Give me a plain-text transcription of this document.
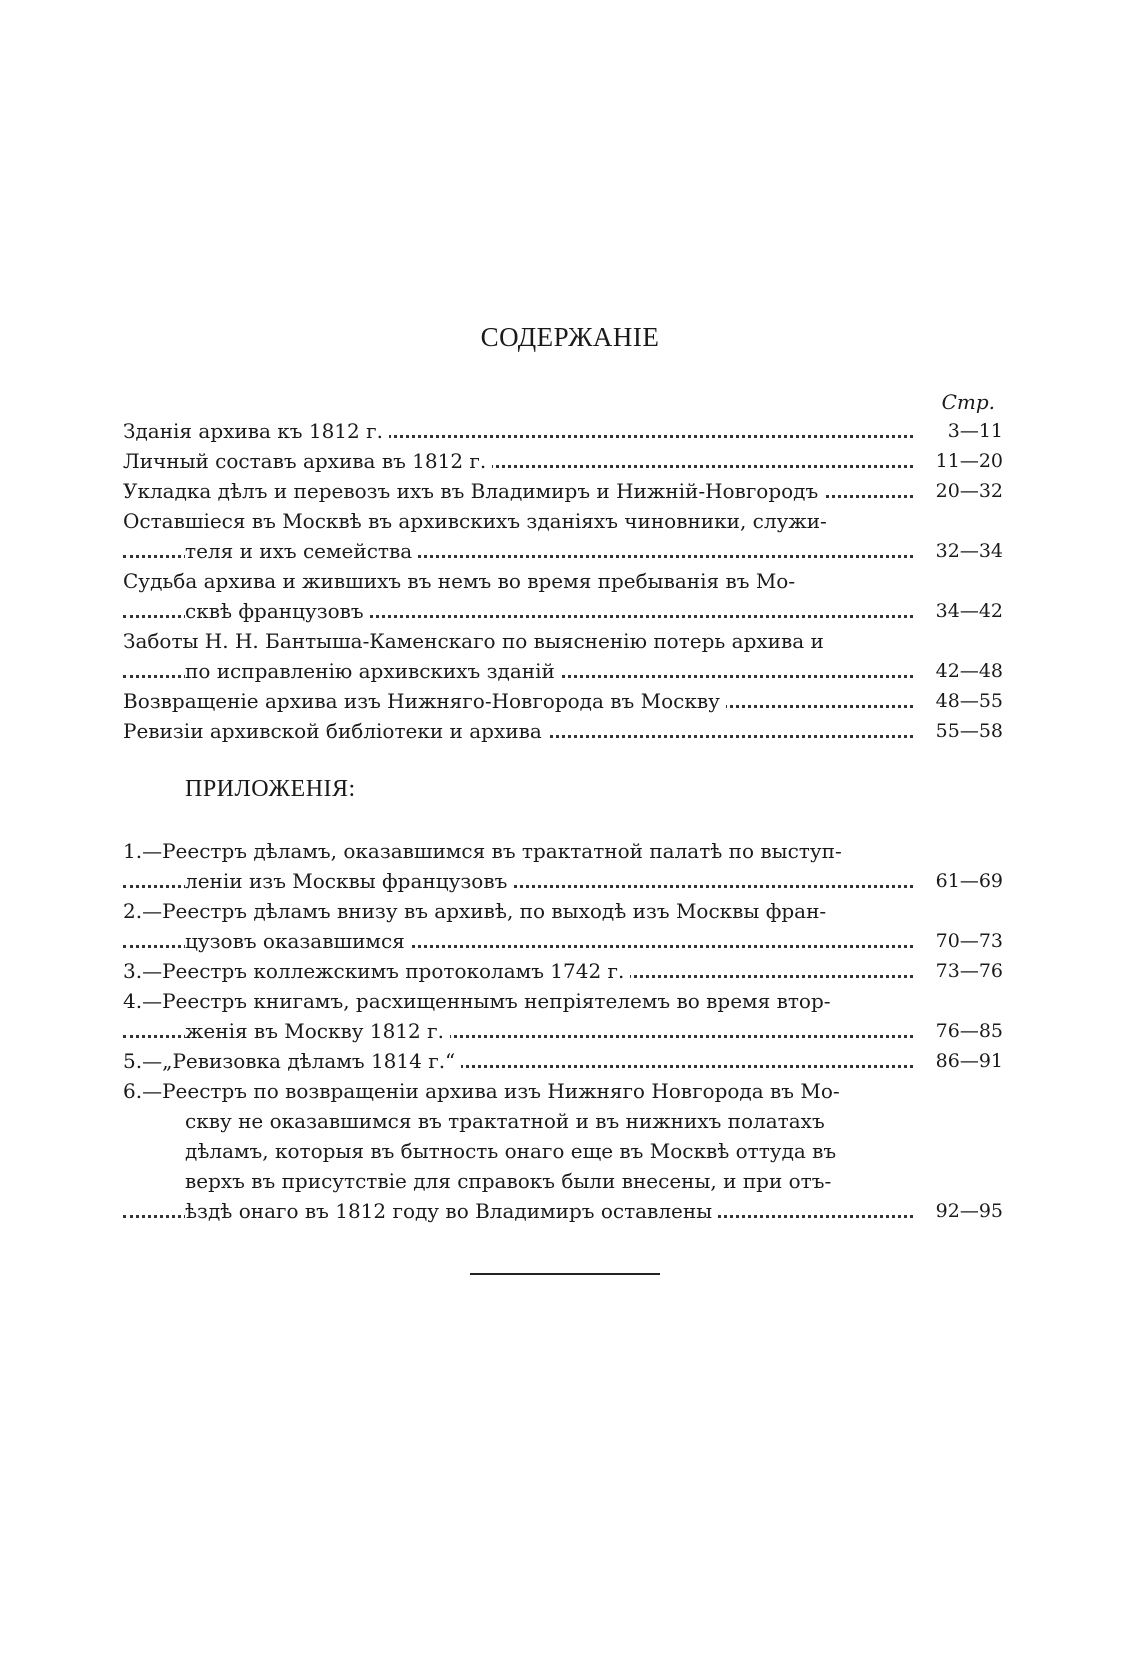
СОДЕРЖАНІЕ
Стр.
Зданія архива къ 1812 г.	3—11
Личный составъ архива въ 1812 г.	11—20
Укладка дѣлъ и перевозъ ихъ въ Владимиръ и Нижній-Новгородъ	20—32
Оставшіеся въ Москвѣ въ архивскихъ зданіяхъ чиновники, служи-
теля и ихъ семейства	32—34
Судьба архива и жившихъ въ немъ во время пребыванія въ Мо-
сквѣ французовъ	34—42
Заботы Н. Н. Бантыша-Каменскаго по выясненію потерь архива и
по исправленію архивскихъ зданій	42—48
Возвращеніе архива изъ Нижняго-Новгорода въ Москву	48—55
Ревизіи архивской библіотеки и архива	55—58
ПРИЛОЖЕНІЯ:
1.—Реестръ дѣламъ, оказавшимся въ трактатной палатѣ по выступ-
леніи изъ Москвы французовъ	61—69
2.—Реестръ дѣламъ внизу въ архивѣ, по выходѣ изъ Москвы фран-
цузовъ оказавшимся	70—73
3.—Реестръ коллежскимъ протоколамъ 1742 г.	73—76
4.—Реестръ книгамъ, расхищеннымъ непріятелемъ во время втор-
женія въ Москву 1812 г.	76—85
5.—„Ревизовка дѣламъ 1814 г.“	86—91
6.—Реестръ по возвращеніи архива изъ Нижняго Новгорода въ Мо-
скву не оказавшимся въ трактатной и въ нижнихъ полатахъ
дѣламъ, которыя въ бытность онаго еще въ Москвѣ оттуда въ
верхъ въ присутствіе для справокъ были внесены, и при отъ-
ѣздѣ онаго въ 1812 году во Владимиръ оставлены	92—95
